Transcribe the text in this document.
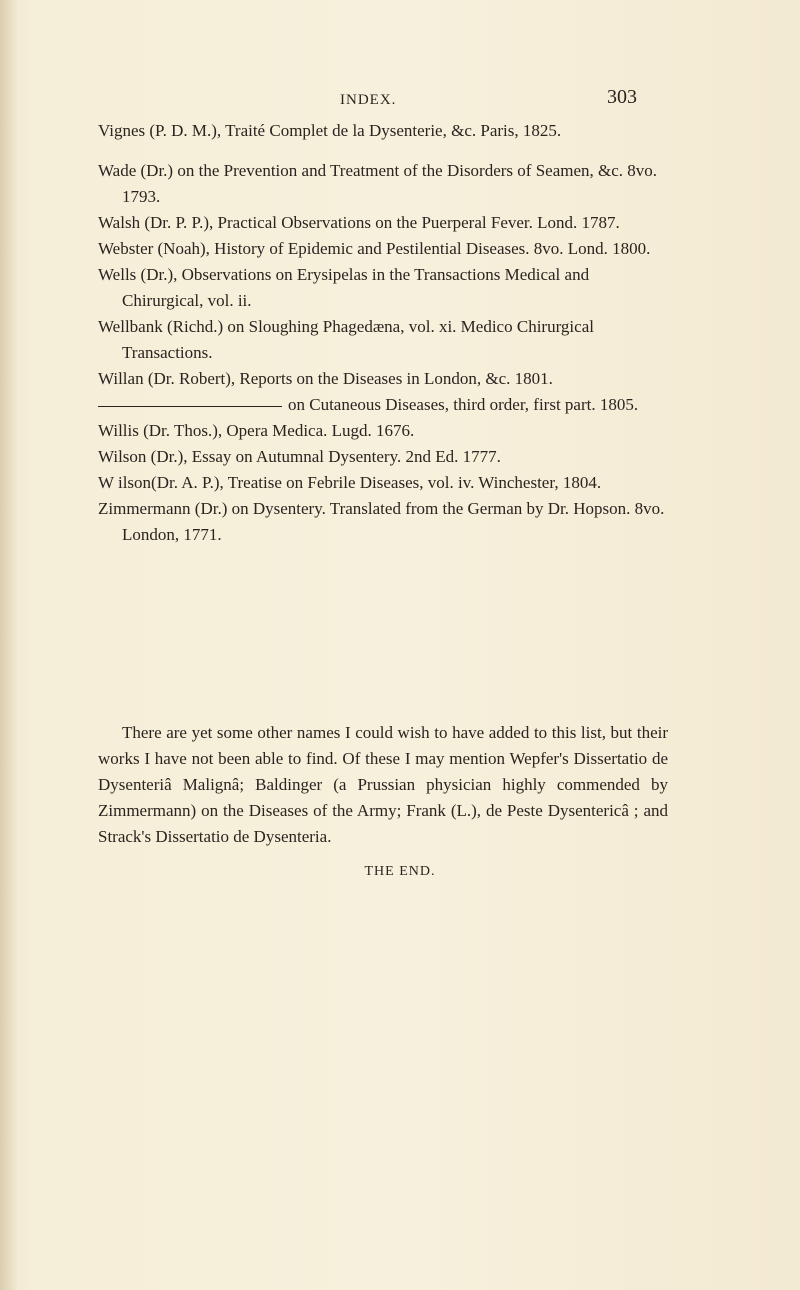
INDEX.	303

Vignes (P. D. M.), Traité Complet de la Dysenterie, &c. Paris, 1825.

Wade (Dr.) on the Prevention and Treatment of the Disorders of Seamen, &c. 8vo. 1793.

Walsh (Dr. P. P.), Practical Observations on the Puerperal Fever. Lond. 1787.

Webster (Noah), History of Epidemic and Pestilential Diseases. 8vo. Lond. 1800.

Wells (Dr.), Observations on Erysipelas in the Transactions Medical and Chirurgical, vol. ii.

Wellbank (Richd.) on Sloughing Phagedæna, vol. xi. Medico Chirurgical Transactions.

Willan (Dr. Robert), Reports on the Diseases in London, &c. 1801.

on Cutaneous Diseases, third order, first part. 1805.

Willis (Dr. Thos.), Opera Medica. Lugd. 1676.

Wilson (Dr.), Essay on Autumnal Dysentery. 2nd Ed. 1777.

W ilson(Dr. A. P.), Treatise on Febrile Diseases, vol. iv. Winchester, 1804.

Zimmermann (Dr.) on Dysentery. Translated from the German by Dr. Hopson. 8vo. London, 1771.

There are yet some other names I could wish to have added to this list, but their works I have not been able to find. Of these I may mention Wepfer's Dissertatio de Dysenteriâ Malignâ; Baldinger (a Prussian physician highly commended by Zimmermann) on the Diseases of the Army; Frank (L.), de Peste Dysentericâ ; and Strack's Dissertatio de Dysenteria.

THE END.
